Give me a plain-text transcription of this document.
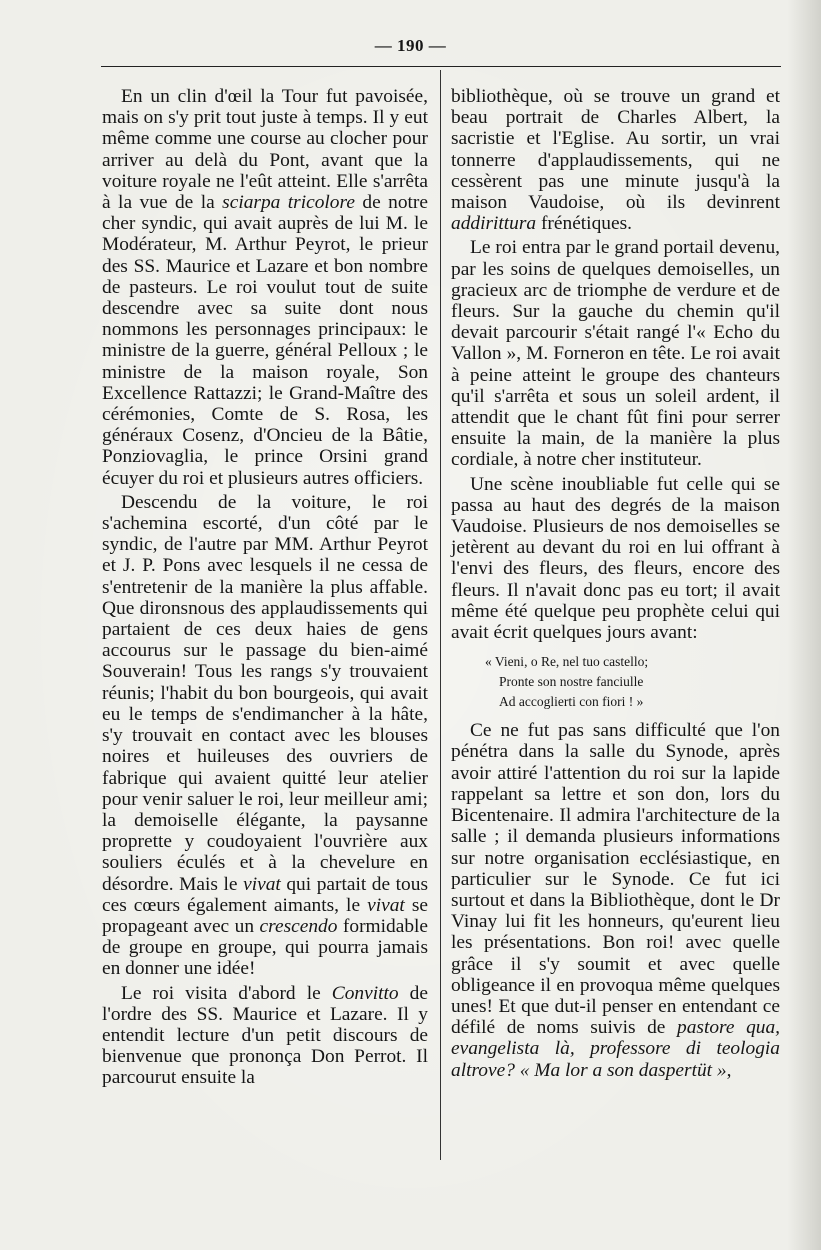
— 190 —

En un clin d'œil la Tour fut pavoisée, mais on s'y prit tout juste à temps. Il y eut même comme une course au clocher pour arriver au delà du Pont, avant que la voiture royale ne l'eût atteint. Elle s'arrêta à la vue de la sciarpa tricolore de notre cher syndic, qui avait auprès de lui M. le Modérateur, M. Arthur Peyrot, le prieur des SS. Maurice et Lazare et bon nombre de pasteurs. Le roi voulut tout de suite descendre avec sa suite dont nous nommons les personnages principaux: le ministre de la guerre, général Pelloux ; le ministre de la maison royale, Son Excellence Rattazzi; le Grand-Maître des cérémonies, Comte de S. Rosa, les généraux Cosenz, d'Oncieu de la Bâtie, Ponziovaglia, le prince Orsini grand écuyer du roi et plusieurs autres officiers.

Descendu de la voiture, le roi s'achemina escorté, d'un côté par le syndic, de l'autre par MM. Arthur Peyrot et J. P. Pons avec lesquels il ne cessa de s'entretenir de la manière la plus affable. Que dironsnous des applaudissements qui partaient de ces deux haies de gens accourus sur le passage du bien-aimé Souverain! Tous les rangs s'y trouvaient réunis; l'habit du bon bourgeois, qui avait eu le temps de s'endimancher à la hâte, s'y trouvait en contact avec les blouses noires et huileuses des ouvriers de fabrique qui avaient quitté leur atelier pour venir saluer le roi, leur meilleur ami; la demoiselle élégante, la paysanne proprette y coudoyaient l'ouvrière aux souliers éculés et à la chevelure en désordre. Mais le vivat qui partait de tous ces cœurs également aimants, le vivat se propageant avec un crescendo formidable de groupe en groupe, qui pourra jamais en donner une idée!

Le roi visita d'abord le Convitto de l'ordre des SS. Maurice et Lazare. Il y entendit lecture d'un petit discours de bienvenue que prononça Don Perrot. Il parcourut ensuite la

bibliothèque, où se trouve un grand et beau portrait de Charles Albert, la sacristie et l'Eglise. Au sortir, un vrai tonnerre d'applaudissements, qui ne cessèrent pas une minute jusqu'à la maison Vaudoise, où ils devinrent addirittura frénétiques.

Le roi entra par le grand portail devenu, par les soins de quelques demoiselles, un gracieux arc de triomphe de verdure et de fleurs. Sur la gauche du chemin qu'il devait parcourir s'était rangé l'« Echo du Vallon », M. Forneron en tête. Le roi avait à peine atteint le groupe des chanteurs qu'il s'arrêta et sous un soleil ardent, il attendit que le chant fût fini pour serrer ensuite la main, de la manière la plus cordiale, à notre cher instituteur.

Une scène inoubliable fut celle qui se passa au haut des degrés de la maison Vaudoise. Plusieurs de nos demoiselles se jetèrent au devant du roi en lui offrant à l'envi des fleurs, des fleurs, encore des fleurs. Il n'avait donc pas eu tort; il avait même été quelque peu prophète celui qui avait écrit quelques jours avant:

« Vieni, o Re, nel tuo castello;
Pronte son nostre fanciulle
Ad accoglierti con fiori ! »

Ce ne fut pas sans difficulté que l'on pénétra dans la salle du Synode, après avoir attiré l'attention du roi sur la lapide rappelant sa lettre et son don, lors du Bicentenaire. Il admira l'architecture de la salle ; il demanda plusieurs informations sur notre organisation ecclésiastique, en particulier sur le Synode. Ce fut ici surtout et dans la Bibliothèque, dont le Dr Vinay lui fit les honneurs, qu'eurent lieu les présentations. Bon roi! avec quelle grâce il s'y soumit et avec quelle obligeance il en provoqua même quelques unes! Et que dut-il penser en entendant ce défilé de noms suivis de pastore qua, evangelista là, professore di teologia altrove? « Ma lor a son daspertüt »,
